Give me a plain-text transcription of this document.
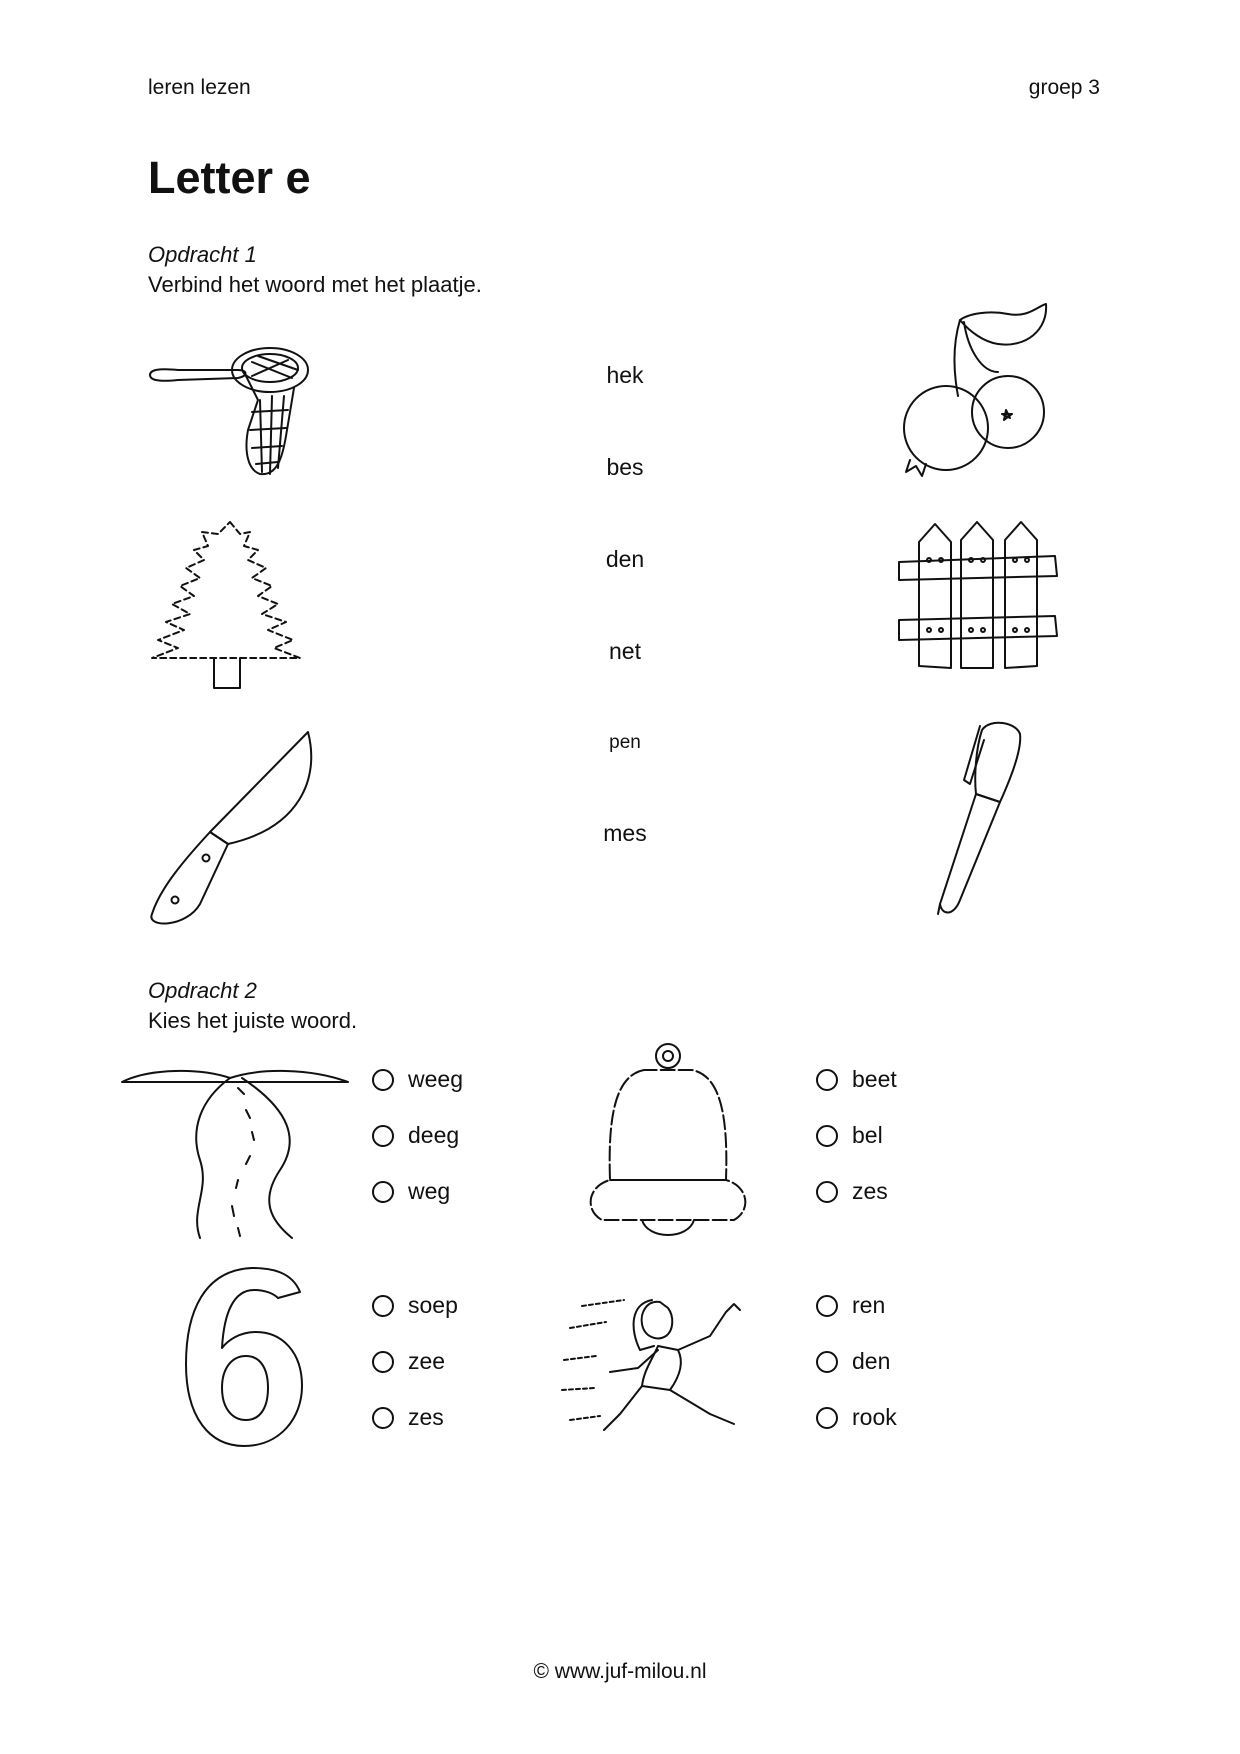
leren lezen	groep 3
Letter e
Opdracht 1
Verbind het woord met het plaatje.
hek
bes
den
net
pen
mes
Opdracht 2
Kies het juiste woord.
weeg
deeg
weg
beet
bel
zes
soep
zee
zes
ren
den
rook
© www.juf-milou.nl
